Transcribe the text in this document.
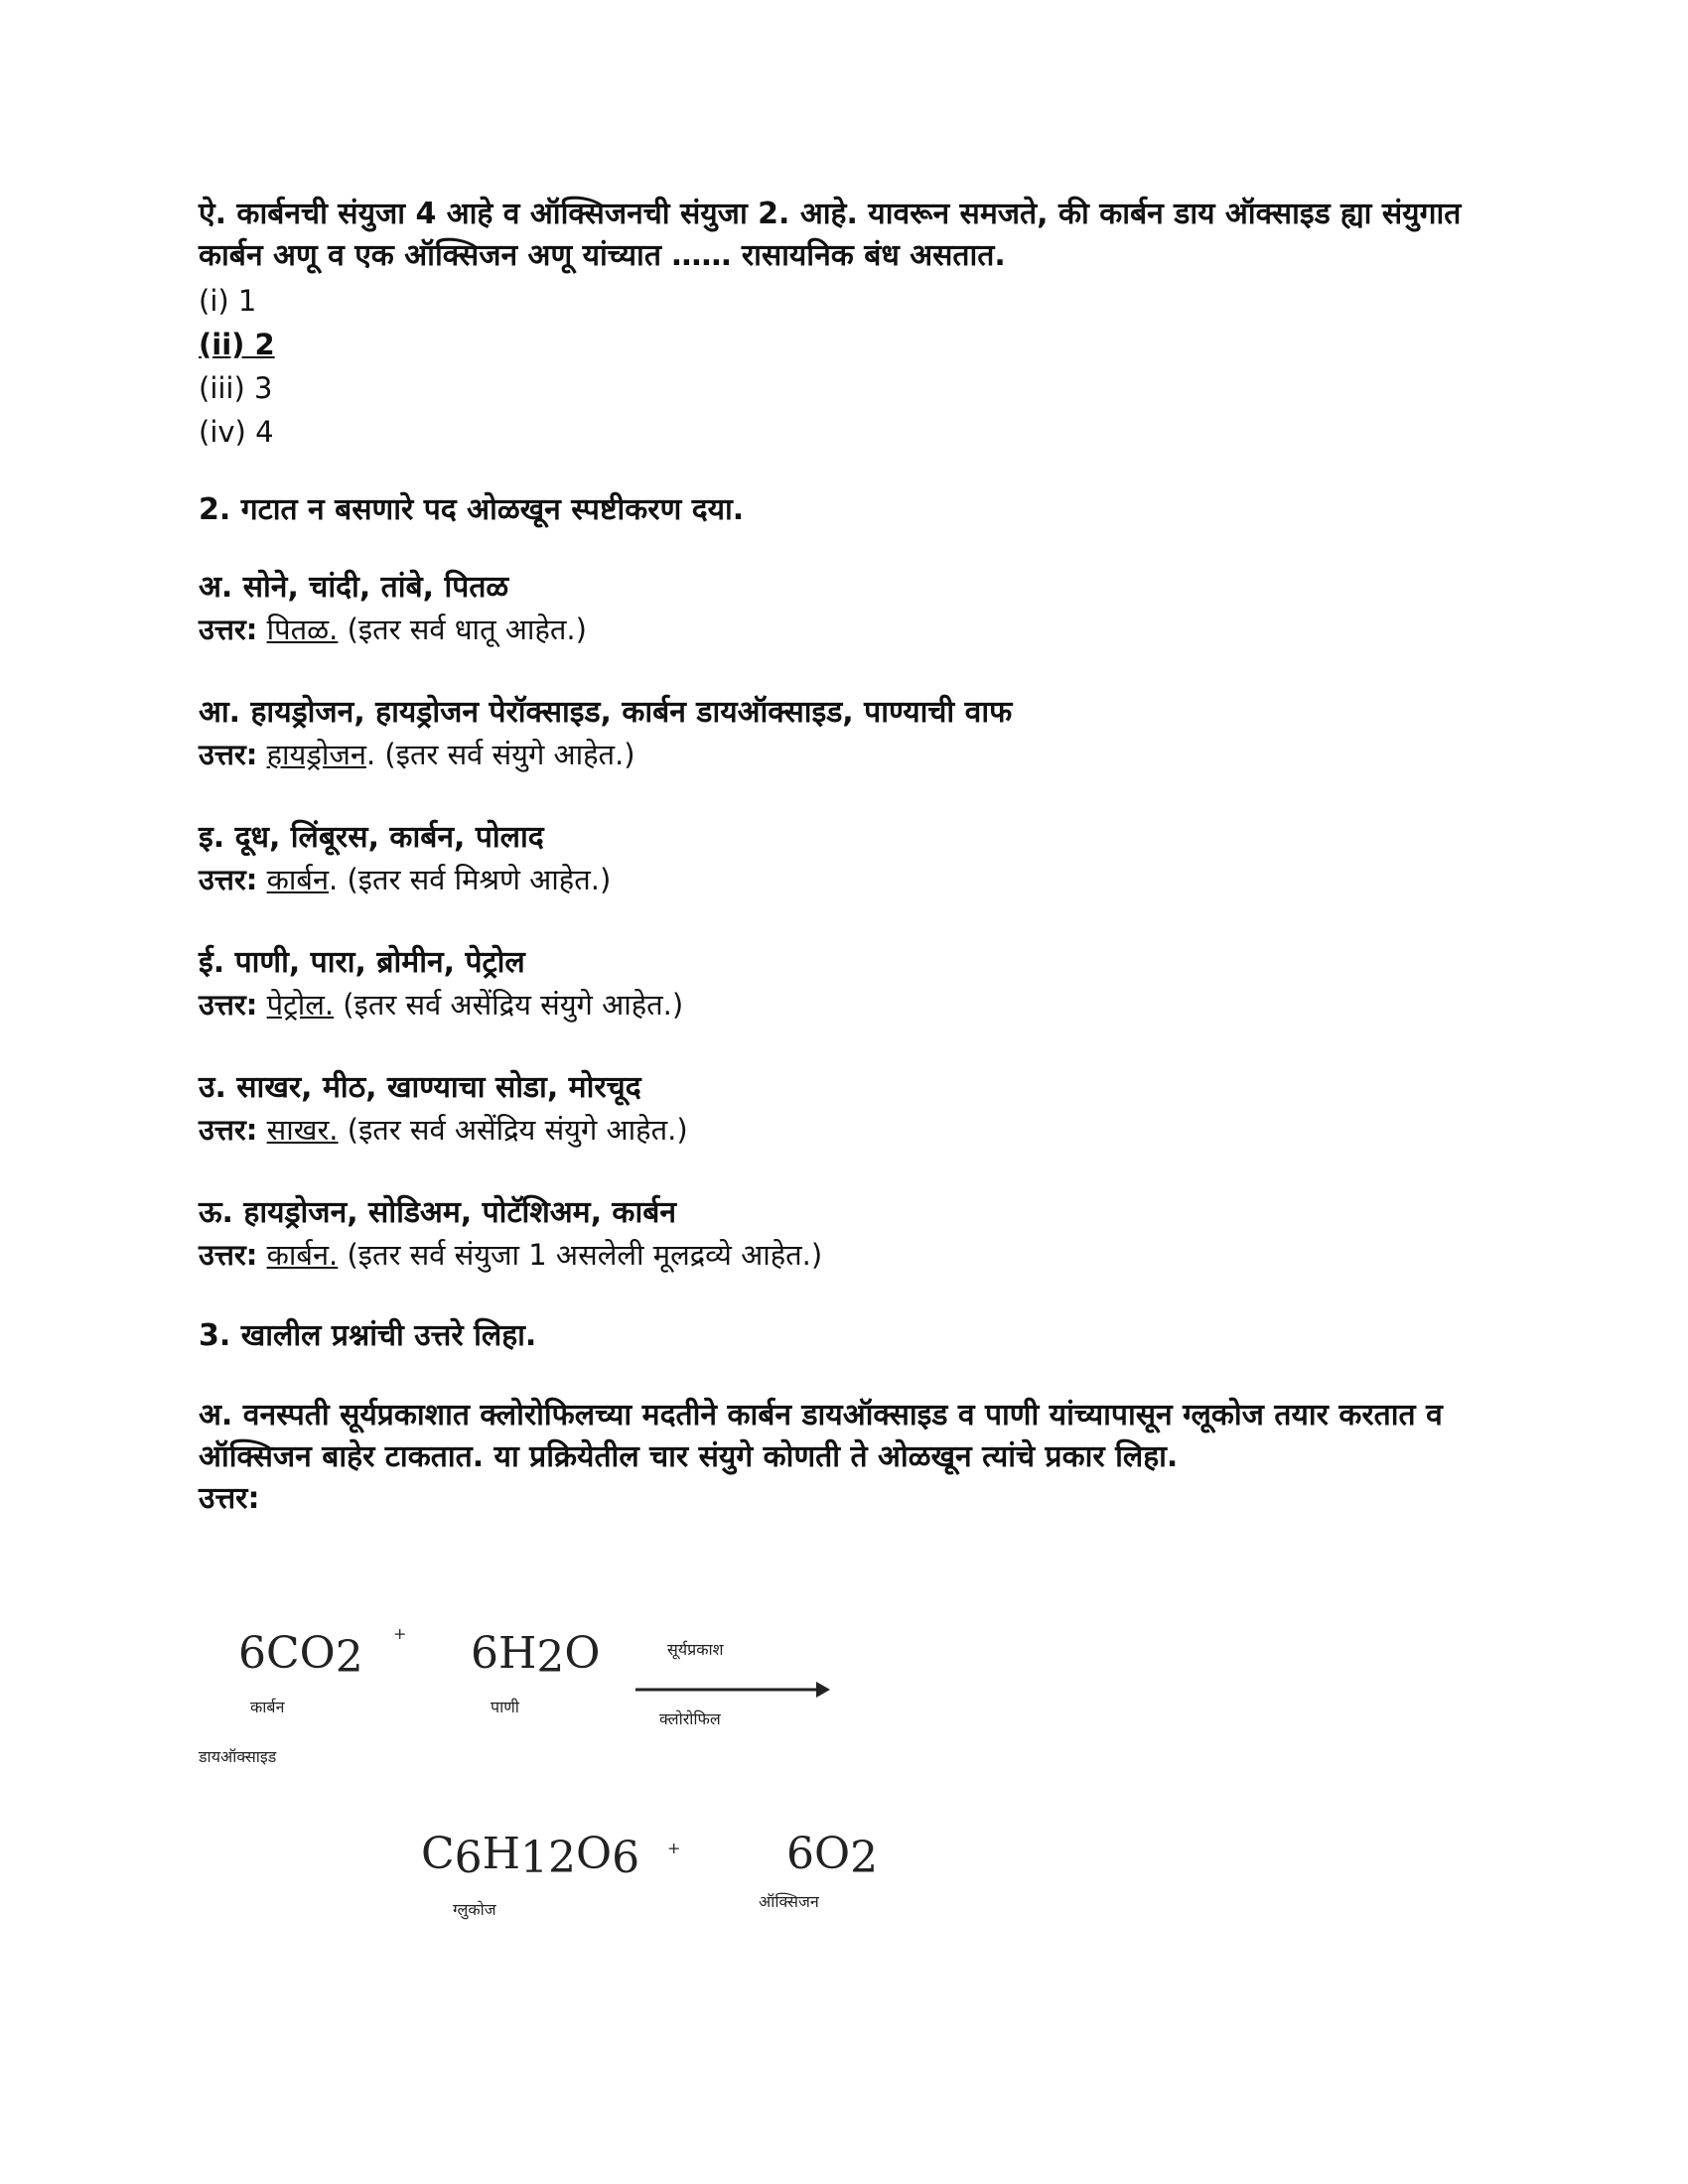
ऐ. कार्बनची संयुजा 4 आहे व ऑक्सिजनची संयुजा 2. आहे. यावरून समजते, की कार्बन डाय ऑक्साइड ह्या संयुगात कार्बन अणू व एक ऑक्सिजन अणू यांच्यात …… रासायनिक बंध असतात.

(i) 1

(ii) 2

(iii) 3

(iv) 4

2. गटात न बसणारे पद ओळखून स्पष्टीकरण दया.

अ. सोने, चांदी, तांबे, पितळ

उत्तर: पितळ. (इतर सर्व धातू आहेत.)

आ. हायड्रोजन, हायड्रोजन पेरॉक्साइड, कार्बन डायऑक्साइड, पाण्याची वाफ

उत्तर: हायड्रोजन. (इतर सर्व संयुगे आहेत.)

इ. दूध, लिंबूरस, कार्बन, पोलाद

उत्तर: कार्बन. (इतर सर्व मिश्रणे आहेत.)

ई. पाणी, पारा, ब्रोमीन, पेट्रोल

उत्तर: पेट्रोल. (इतर सर्व असेंद्रिय संयुगे आहेत.)

उ. साखर, मीठ, खाण्याचा सोडा, मोरचूद

उत्तर: साखर. (इतर सर्व असेंद्रिय संयुगे आहेत.)

ऊ. हायड्रोजन, सोडिअम, पोटॅशिअम, कार्बन

उत्तर: कार्बन. (इतर सर्व संयुजा 1 असलेली मूलद्रव्ये आहेत.)

3. खालील प्रश्नांची उत्तरे लिहा.

अ. वनस्पती सूर्यप्रकाशात क्लोरोफिलच्या मदतीने कार्बन डायऑक्साइड व पाणी यांच्यापासून ग्लूकोज तयार करतात व ऑक्सिजन बाहेर टाकतात. या प्रक्रियेतील चार संयुगे कोणती ते ओळखून त्यांचे प्रकार लिहा.

उत्तर:

$6CO_2$
कार्बन
डायऑक्साइड
+ $6H_2O$
पाणी
सूर्यप्रकाश
क्लोरोफिल
$C_6H_{12}O_6$
ग्लुकोज
+ $6O_2$
ऑक्सिजन
